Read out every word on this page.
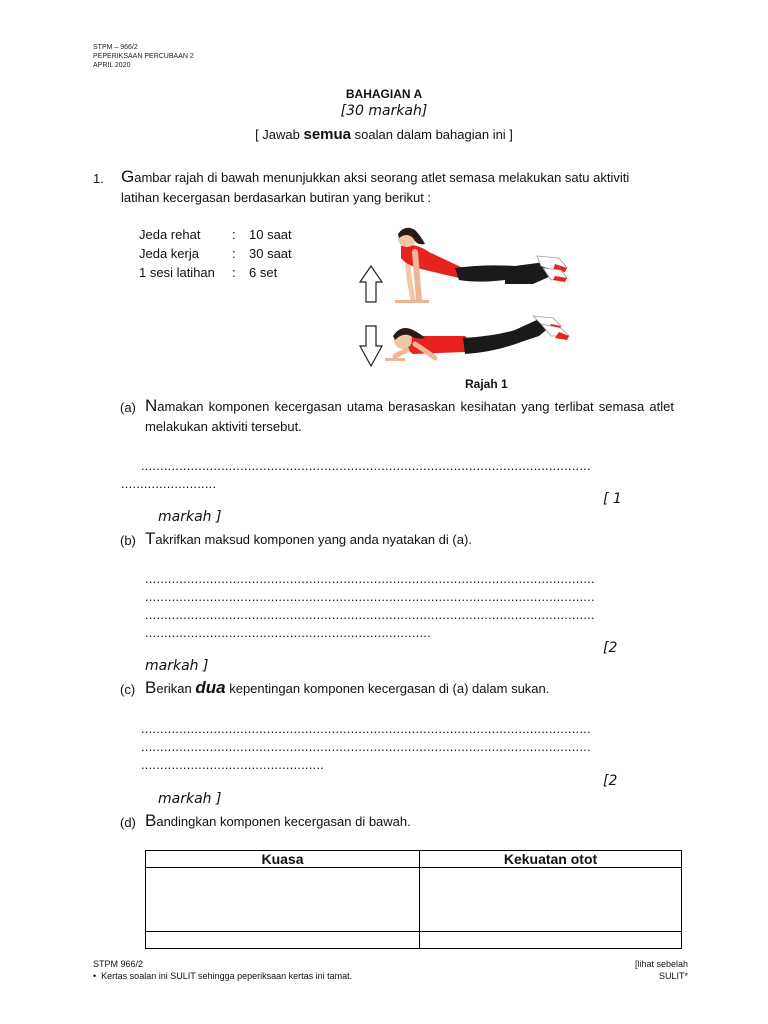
STPM – 966/2
PEPERIKSAAN PERCUBAAN 2
APRIL 2020
BAHAGIAN A
[30 markah]
[ Jawab semua soalan dalam bahagian ini ]
1. Gambar rajah di bawah menunjukkan aksi seorang atlet semasa melakukan satu aktiviti latihan kecergasan berdasarkan butiran yang berikut :
Jeda rehat	:	10 saat
Jeda kerja	:	30 saat
1 sesi latihan	:	6 set
Rajah 1
(a) Namakan komponen kecergasan utama berasaskan kesihatan yang terlibat semasa atlet melakukan aktiviti tersebut.
......................................................................................................................
.........................
[ 1
markah ]
(b) Takrifkan maksud komponen yang anda nyatakan di (a).
......................................................................................................................
......................................................................................................................
......................................................................................................................
...........................................................................
[2
markah ]
(c) Berikan dua kepentingan komponen kecergasan di (a) dalam sukan.
......................................................................................................................
......................................................................................................................
................................................
[2
markah ]
(d) Bandingkan komponen kecergasan di bawah.
Kuasa	Kekuatan otot

STPM 966/2
• Kertas soalan ini SULIT sehingga peperiksaan kertas ini tamat.
[lihat sebelah
SULIT*
